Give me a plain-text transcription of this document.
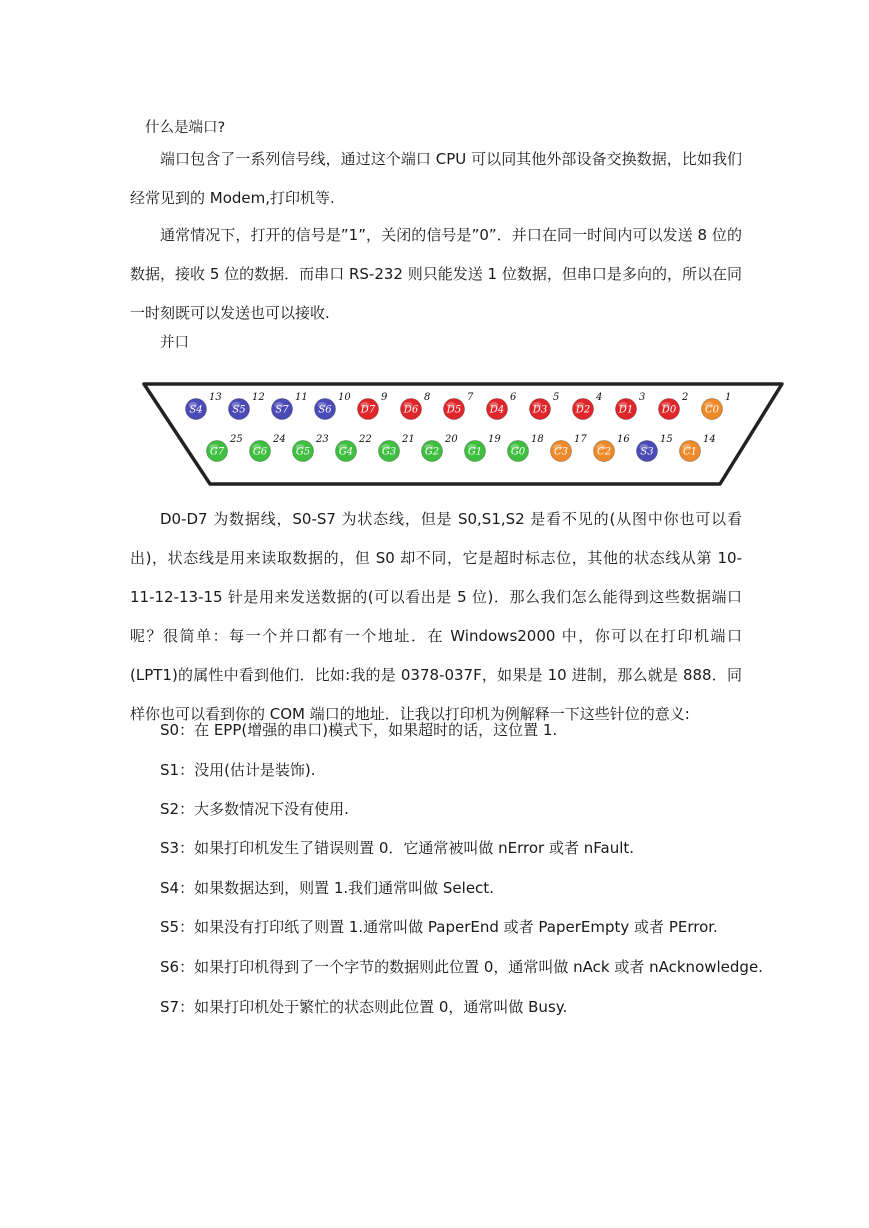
什么是端口?

端口包含了一系列信号线，通过这个端口 CPU 可以同其他外部设备交换数据，比如我们经常见到的 Modem,打印机等.

通常情况下，打开的信号是”1”，关闭的信号是”0”．并口在同一时间内可以发送 8 位的数据，接收 5 位的数据．而串口 RS-232 则只能发送 1 位数据，但串口是多向的，所以在同一时刻既可以发送也可以接收.

并口

S4
13
S5
12
S7
11
S6
10
D7
9
D6
8
D5
7
D4
6
D3
5
D2
4
D1
3
D0
2
C0
1
G7
25
G6
24
G5
23
G4
22
G3
21
G2
20
G1
19
G0
18
C3
17
C2
16
S3
15
C1
14

D0-D7 为数据线，S0-S7 为状态线，但是 S0,S1,S2 是看不见的(从图中你也可以看出)，状态线是用来读取数据的，但 S0 却不同，它是超时标志位，其他的状态线从第 10-11-12-13-15 针是用来发送数据的(可以看出是 5 位)．那么我们怎么能得到这些数据端口呢？很简单：每一个并口都有一个地址．在 Windows2000 中，你可以在打印机端口(LPT1)的属性中看到他们．比如:我的是 0378-037F，如果是 10 进制，那么就是 888．同样你也可以看到你的 COM 端口的地址．让我以打印机为例解释一下这些针位的意义:

S0：在 EPP(增强的串口)模式下，如果超时的话，这位置 1.

S1：没用(估计是装饰).

S2：大多数情况下没有使用.

S3：如果打印机发生了错误则置 0．它通常被叫做 nError 或者 nFault.

S4：如果数据达到，则置 1.我们通常叫做 Select.

S5：如果没有打印纸了则置 1.通常叫做 PaperEnd 或者 PaperEmpty 或者 PError.

S6：如果打印机得到了一个字节的数据则此位置 0，通常叫做 nAck 或者 nAcknowledge.

S7：如果打印机处于繁忙的状态则此位置 0，通常叫做 Busy.
